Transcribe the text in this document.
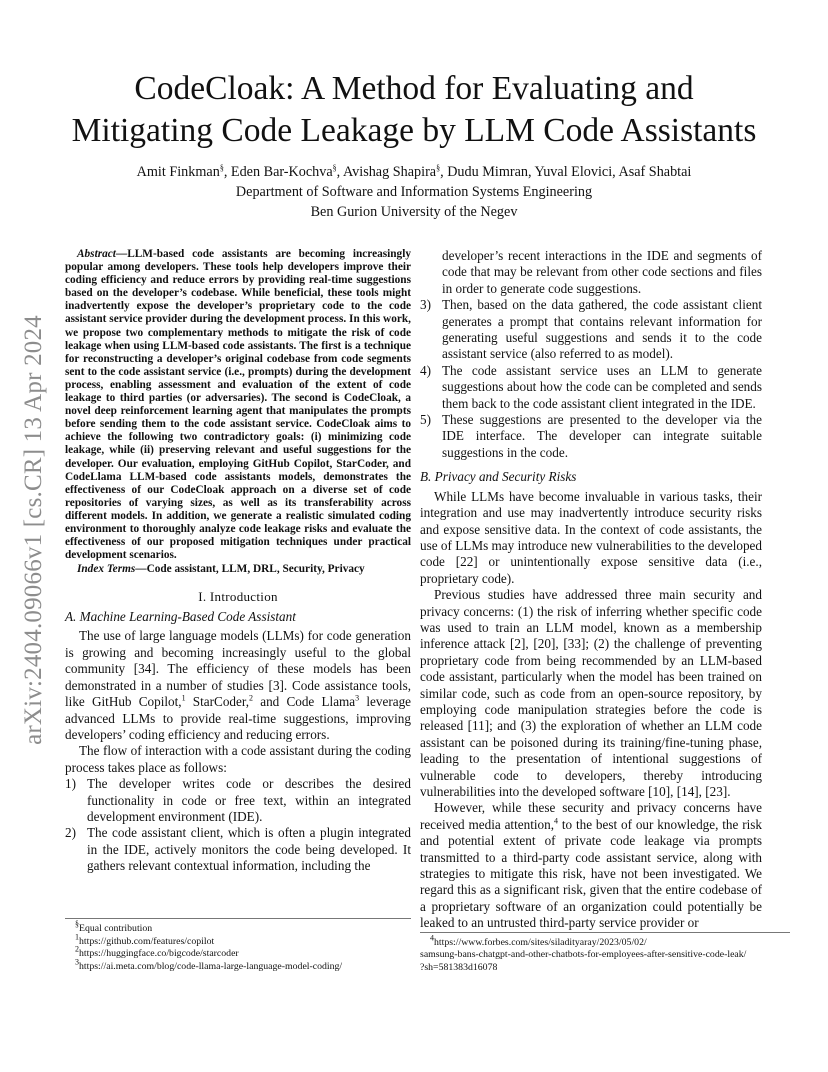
arXiv:2404.09066v1 [cs.CR] 13 Apr 2024
CodeCloak: A Method for Evaluating and
Mitigating Code Leakage by LLM Code Assistants
Amit Finkman§, Eden Bar-Kochva§, Avishag Shapira§, Dudu Mimran, Yuval Elovici, Asaf Shabtai
Department of Software and Information Systems Engineering
Ben Gurion University of the Negev

Abstract—LLM-based code assistants are becoming increasingly popular among developers. These tools help developers improve their coding efficiency and reduce errors by providing real-time suggestions based on the developer’s codebase. While beneficial, these tools might inadvertently expose the developer’s proprietary code to the code assistant service provider during the development process. In this work, we propose two complementary methods to mitigate the risk of code leakage when using LLM-based code assistants. The first is a technique for reconstructing a developer’s original codebase from code segments sent to the code assistant service (i.e., prompts) during the development process, enabling assessment and evaluation of the extent of code leakage to third parties (or adversaries). The second is CodeCloak, a novel deep reinforcement learning agent that manipulates the prompts before sending them to the code assistant service. CodeCloak aims to achieve the following two contradictory goals: (i) minimizing code leakage, while (ii) preserving relevant and useful suggestions for the developer. Our evaluation, employing GitHub Copilot, StarCoder, and CodeLlama LLM-based code assistants models, demonstrates the effectiveness of our CodeCloak approach on a diverse set of code repositories of varying sizes, as well as its transferability across different models. In addition, we generate a realistic simulated coding environment to thoroughly analyze code leakage risks and evaluate the effectiveness of our proposed mitigation techniques under practical development scenarios.

Index Terms—Code assistant, LLM, DRL, Security, Privacy

I. Introduction
A. Machine Learning-Based Code Assistant

The use of large language models (LLMs) for code generation is growing and becoming increasingly useful to the global community [34]. The efficiency of these models has been demonstrated in a number of studies [3]. Code assistance tools, like GitHub Copilot,$^1$ StarCoder,$^2$ and Code Llama$^3$ leverage advanced LLMs to provide real-time suggestions, improving developers’ coding efficiency and reducing errors.

The flow of interaction with a code assistant during the coding process takes place as follows:

1) The developer writes code or describes the desired functionality in code or free text, within an integrated development environment (IDE).
2) The code assistant client, which is often a plugin integrated in the IDE, actively monitors the code being developed. It gathers relevant contextual information, including the
§Equal contribution
$^1$https://github.com/features/copilot
$^2$https://huggingface.co/bigcode/starcoder
$^3$https://ai.meta.com/blog/code-llama-large-language-model-coding/
developer’s recent interactions in the IDE and segments of code that may be relevant from other code sections and files in order to generate code suggestions.
3) Then, based on the data gathered, the code assistant client generates a prompt that contains relevant information for generating useful suggestions and sends it to the code assistant service (also referred to as model).
4) The code assistant service uses an LLM to generate suggestions about how the code can be completed and sends them back to the code assistant client integrated in the IDE.
5) These suggestions are presented to the developer via the IDE interface. The developer can integrate suitable suggestions in the code.
B. Privacy and Security Risks

While LLMs have become invaluable in various tasks, their integration and use may inadvertently introduce security risks and expose sensitive data. In the context of code assistants, the use of LLMs may introduce new vulnerabilities to the developed code [22] or unintentionally expose sensitive data (i.e., proprietary code).

Previous studies have addressed three main security and privacy concerns: (1) the risk of inferring whether specific code was used to train an LLM model, known as a membership inference attack [2], [20], [33]; (2) the challenge of preventing proprietary code from being recommended by an LLM-based code assistant, particularly when the model has been trained on similar code, such as code from an open-source repository, by employing code manipulation strategies before the code is released [11]; and (3) the exploration of whether an LLM code assistant can be poisoned during its training/fine-tuning phase, leading to the presentation of intentional suggestions of vulnerable code to developers, thereby introducing vulnerabilities into the developed software [10], [14], [23].

However, while these security and privacy concerns have received media attention,$^4$ to the best of our knowledge, the risk and potential extent of private code leakage via prompts transmitted to a third-party code assistant service, along with strategies to mitigate this risk, have not been investigated. We regard this as a significant risk, given that the entire codebase of a proprietary software of an organization could potentially be leaked to an untrusted third-party service provider or

$^4$https://www.forbes.com/sites/siladityaray/2023/05/02/
samsung-bans-chatgpt-and-other-chatbots-for-employees-after-sensitive-code-leak/
?sh=581383d16078
